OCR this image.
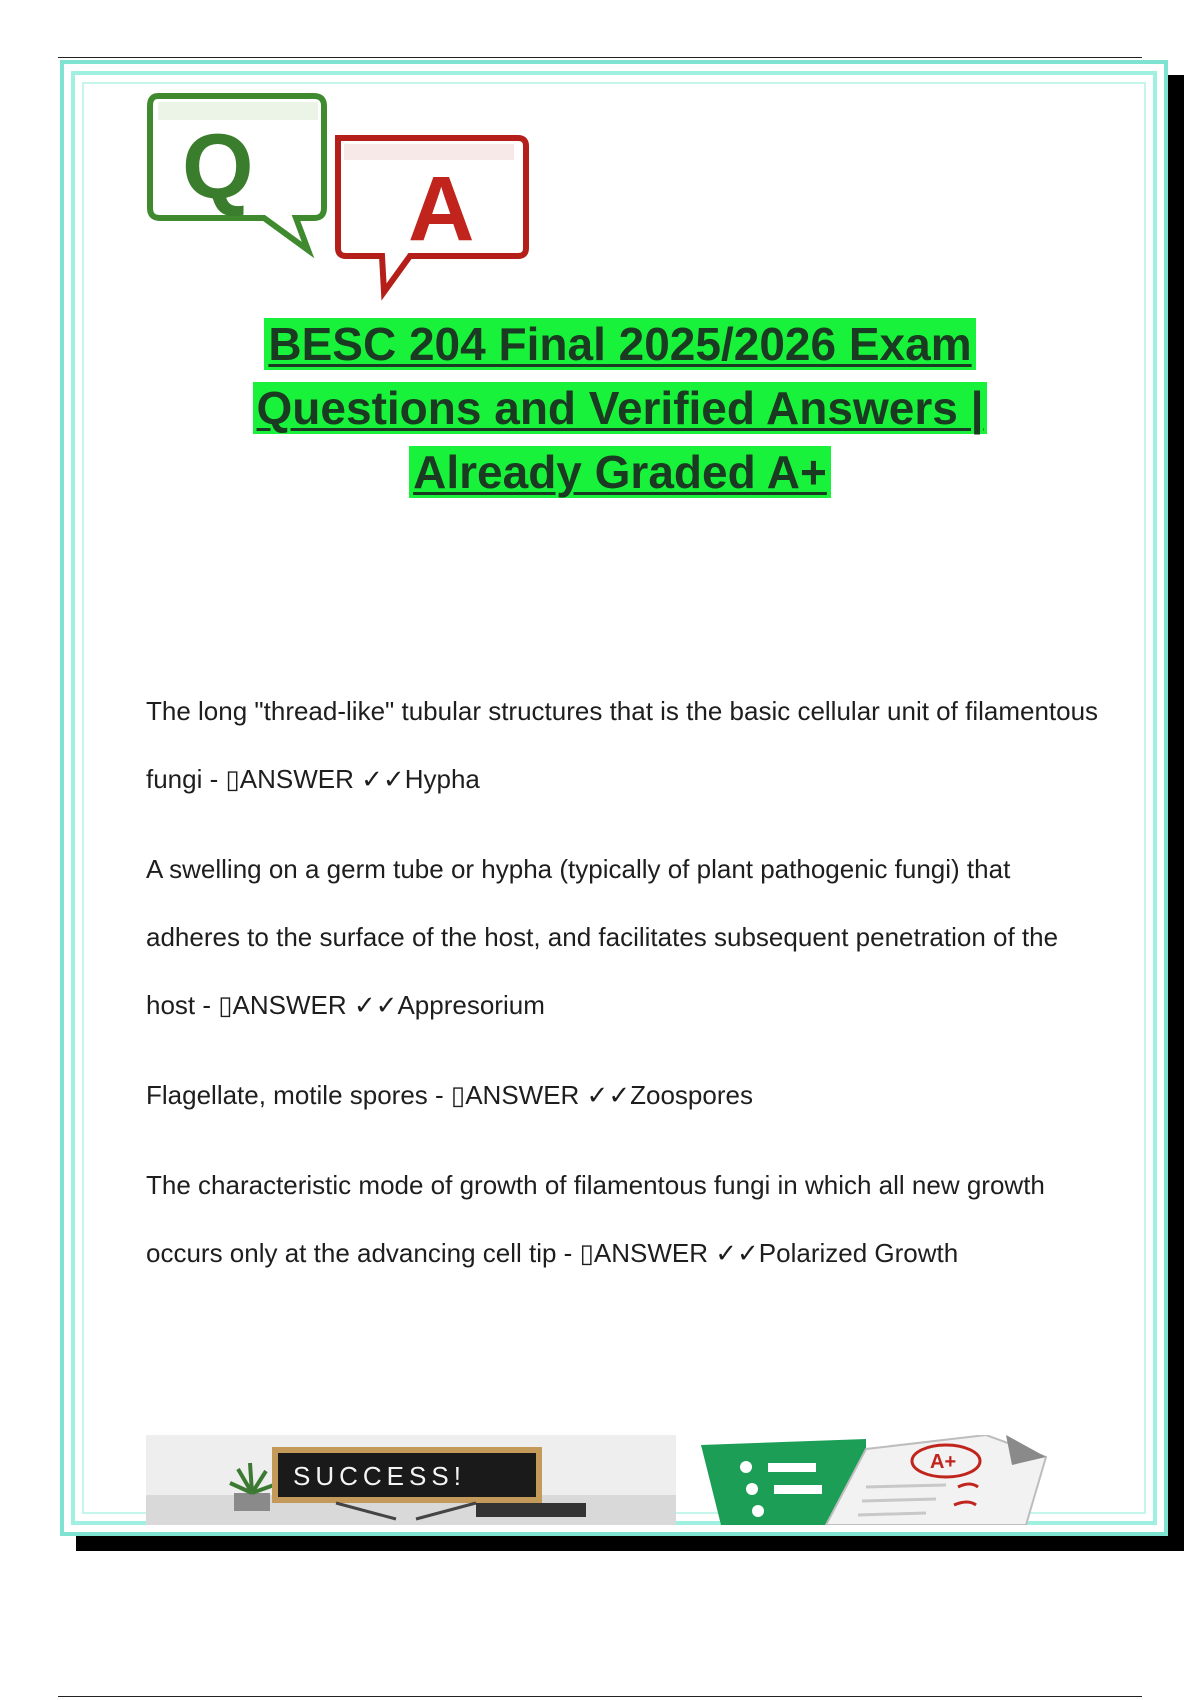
A
Q
BESC 204 Final 2025/2026 Exam
Questions and Verified Answers |
Already Graded A+
The long "thread-like" tubular structures that is the basic cellular unit of filamentous fungi - ▯ANSWER ✓✓Hypha
A swelling on a germ tube or hypha (typically of plant pathogenic fungi) that adheres to the surface of the host, and facilitates subsequent penetration of the host - ▯ANSWER ✓✓Appresorium
Flagellate, motile spores - ▯ANSWER ✓✓Zoospores
The characteristic mode of growth of filamentous fungi in which all new growth occurs only at the advancing cell tip - ▯ANSWER ✓✓Polarized Growth
SUCCESS!	A+
